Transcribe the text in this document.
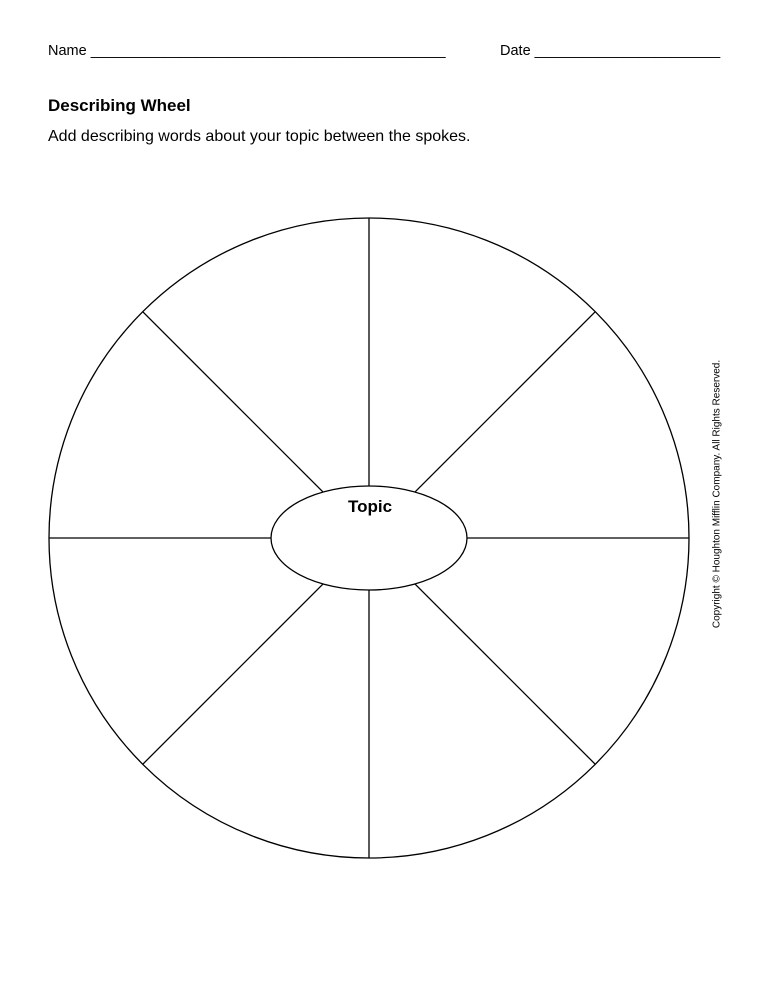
Name ____________________________________________	Date _______________________
Describing Wheel
Add describing words about your topic between the spokes.
Topic	Copyright © Houghton Mifflin Company. All Rights Reserved.
